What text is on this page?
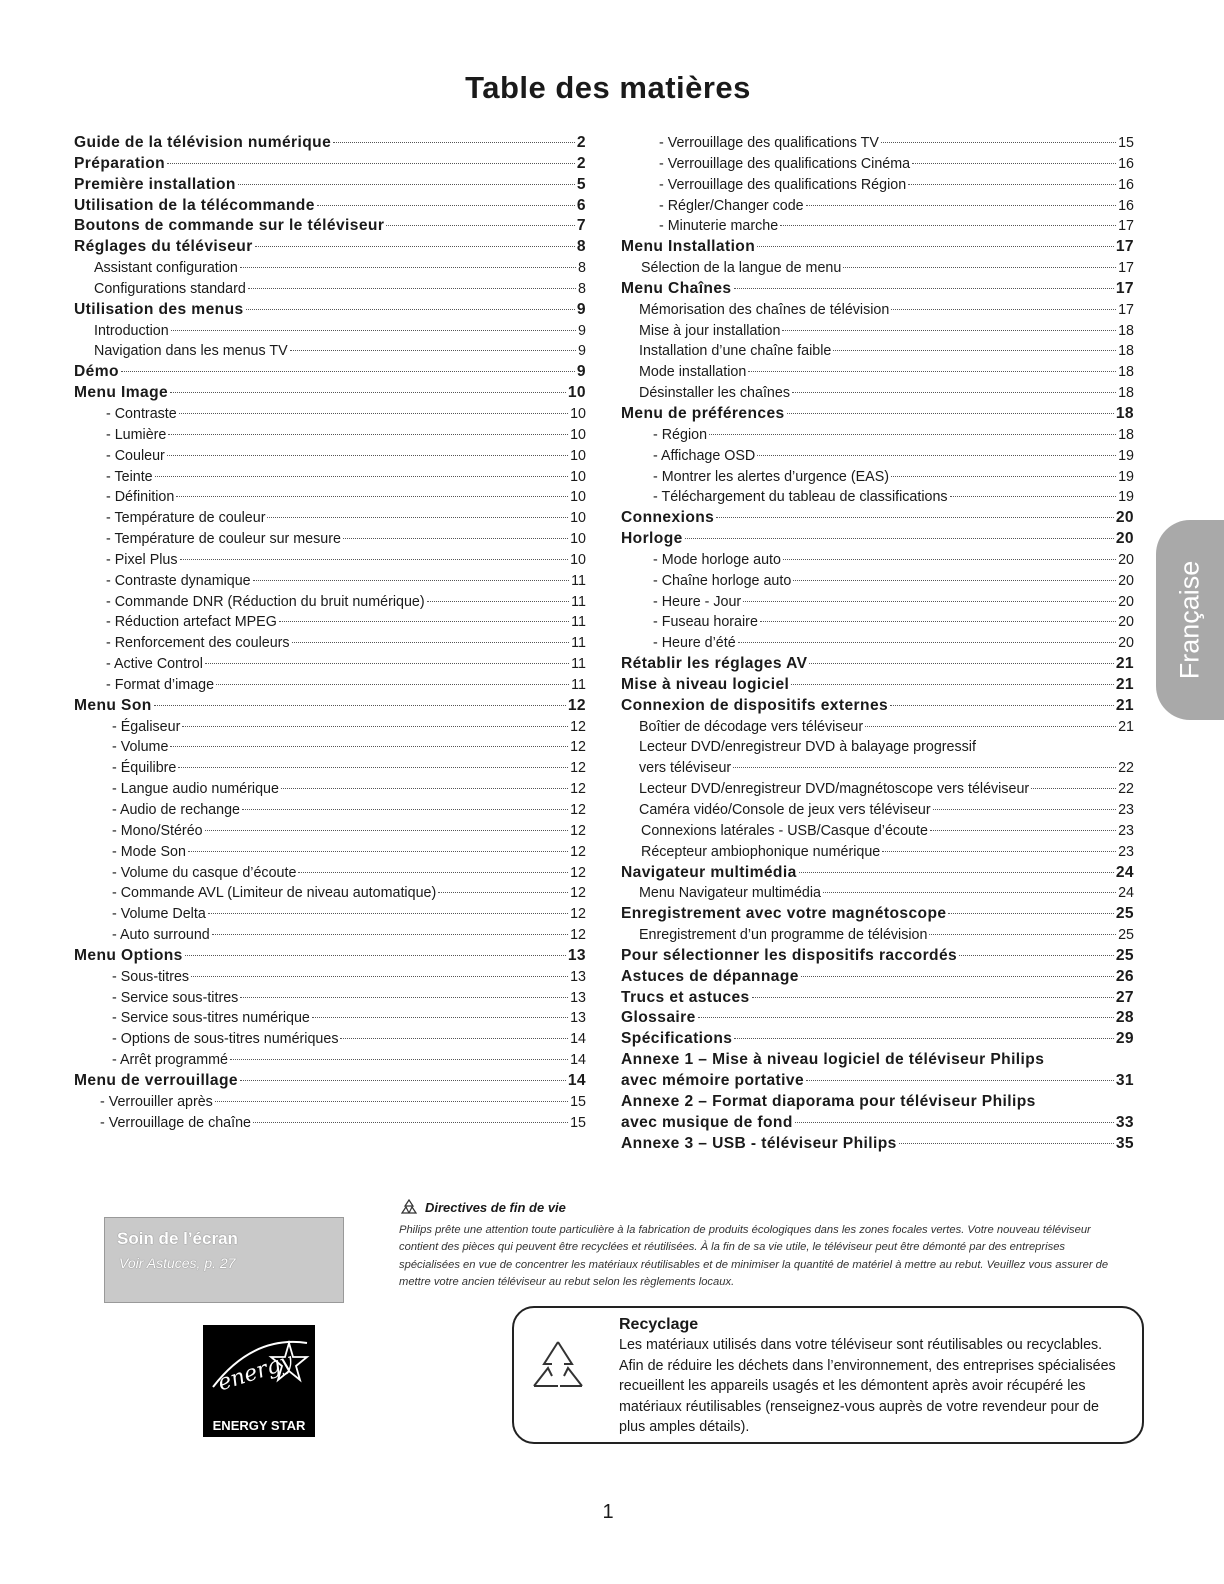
Table des matières
Guide de la télévision numérique	2
Préparation	2
Première installation	5
Utilisation de la télécommande	6
Boutons de commande sur le téléviseur	7
Réglages du téléviseur	8
Assistant configuration	8
Configurations standard	8
Utilisation des menus	9
Introduction	9
Navigation dans les menus TV	9
Démo	9
Menu Image	10
- Contraste	10
- Lumière	10
- Couleur	10
- Teinte	10
- Définition	10
- Température de couleur	10
- Température de couleur sur mesure	10
- Pixel Plus	10
- Contraste dynamique	11
- Commande DNR (Réduction du bruit numérique)	11
- Réduction artefact MPEG	11
- Renforcement des couleurs	11
- Active Control	11
- Format d’image	11
Menu Son	12
- Égaliseur	12
- Volume	12
- Équilibre	12
- Langue audio numérique	12
- Audio de rechange	12
- Mono/Stéréo	12
- Mode Son	12
- Volume du casque d’écoute	12
- Commande AVL (Limiteur de niveau automatique)	12
- Volume Delta	12
- Auto surround	12
Menu Options	13
- Sous-titres	13
- Service sous-titres	13
- Service sous-titres numérique	13
- Options de sous-titres numériques	14
- Arrêt programmé	14
Menu de verrouillage	14
- Verrouiller après	15
- Verrouillage de chaîne	15
- Verrouillage des qualifications TV	15
- Verrouillage des qualifications Cinéma	16
- Verrouillage des qualifications Région	16
- Régler/Changer code	16
- Minuterie marche	17
Menu Installation	17
Sélection de la langue de menu	17
Menu Chaînes	17
Mémorisation des chaînes de télévision	17
Mise à jour installation	18
Installation d’une chaîne faible	18
Mode installation	18
Désinstaller les chaînes	18
Menu de préférences	18
- Région	18
- Affichage OSD	19
- Montrer les alertes d’urgence (EAS)	19
- Téléchargement du tableau de classifications	19
Connexions	20
Horloge	20
- Mode horloge auto	20
- Chaîne horloge auto	20
- Heure - Jour	20
- Fuseau horaire	20
- Heure d’été	20
Rétablir les réglages AV	21
Mise à niveau logiciel	21
Connexion de dispositifs externes	21
Boîtier de décodage vers téléviseur	21
Lecteur DVD/enregistreur DVD à balayage progressif
vers téléviseur	22
Lecteur DVD/enregistreur DVD/magnétoscope vers téléviseur	22
Caméra vidéo/Console de jeux vers téléviseur	23
Connexions latérales - USB/Casque d’écoute	23
Récepteur ambiophonique numérique	23
Navigateur multimédia	24
Menu Navigateur multimédia	24
Enregistrement avec votre magnétoscope	25
Enregistrement d’un programme de télévision	25
Pour sélectionner les dispositifs raccordés	25
Astuces de dépannage	26
Trucs et astuces	27
Glossaire	28
Spécifications	29
Annexe 1 – Mise à niveau logiciel de téléviseur Philips
avec mémoire portative	31
Annexe 2 – Format diaporama pour téléviseur Philips
avec musique de fond	33
Annexe 3 – USB - téléviseur Philips	35
Française
Soin de l’écran
Voir Astuces, p. 27
energy
ENERGY STAR
Directives de fin de vie
Philips prête une attention toute particulière à la fabrication de produits écologiques dans les zones focales vertes. Votre nouveau téléviseur contient des pièces qui peuvent être recyclées et réutilisées. À la fin de sa vie utile, le téléviseur peut être démonté par des entreprises spécialisées en vue de concentrer les matériaux réutilisables et de minimiser la quantité de matériel à mettre au rebut. Veuillez vous assurer de mettre votre ancien téléviseur au rebut selon les règlements locaux.
Recyclage
Les matériaux utilisés dans votre téléviseur sont réutilisables ou recyclables. Afin de réduire les déchets dans l’environnement, des entreprises spécialisées recueillent les appareils usagés et les démontent après avoir récupéré les matériaux réutilisables (renseignez-vous auprès de votre revendeur pour de plus amples détails).
1
